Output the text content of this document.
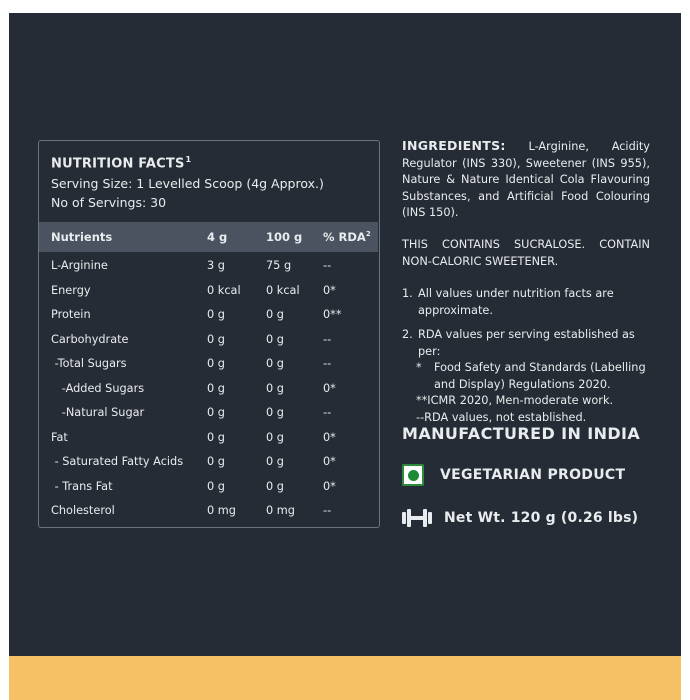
NUTRITION FACTS$^1$
Serving Size: 1 Levelled Scoop (4g Approx.)
No of Servings: 30
Nutrients	4 g	100 g % RDA$^2$
L-Arginine	3 g	75 g	--
Energy	0 kcal 0 kcal 0*
Protein	0 g	0 g	0**
Carbohydrate	0 g	0 g	--
-Total Sugars	0 g	0 g	--
-Added Sugars	0 g	0 g	0*
-Natural Sugar	0 g	0 g	--
Fat	0 g	0 g	0*
- Saturated Fatty Acids 0 g	0 g	0*
- Trans Fat	0 g	0 g	0*
Cholesterol	0 mg	0 mg --
INGREDIENTS: L-Arginine, Acidity Regulator (INS 330), Sweetener (INS 955), Nature & Nature Identical Cola Flavouring Substances, and Artificial Food Colouring (INS 150).
THIS CONTAINS SUCRALOSE. CONTAIN NON-CALORIC SWEETENER.
1. All values under nutrition facts are approximate.
2. RDA values per serving established as per:
*	Food Safety and Standards (Labelling and Display) Regulations 2020.
**ICMR 2020, Men-moderate work.
--RDA values, not established.
MANUFACTURED IN INDIA
VEGETARIAN PRODUCT
Net Wt. 120 g (0.26 lbs)
